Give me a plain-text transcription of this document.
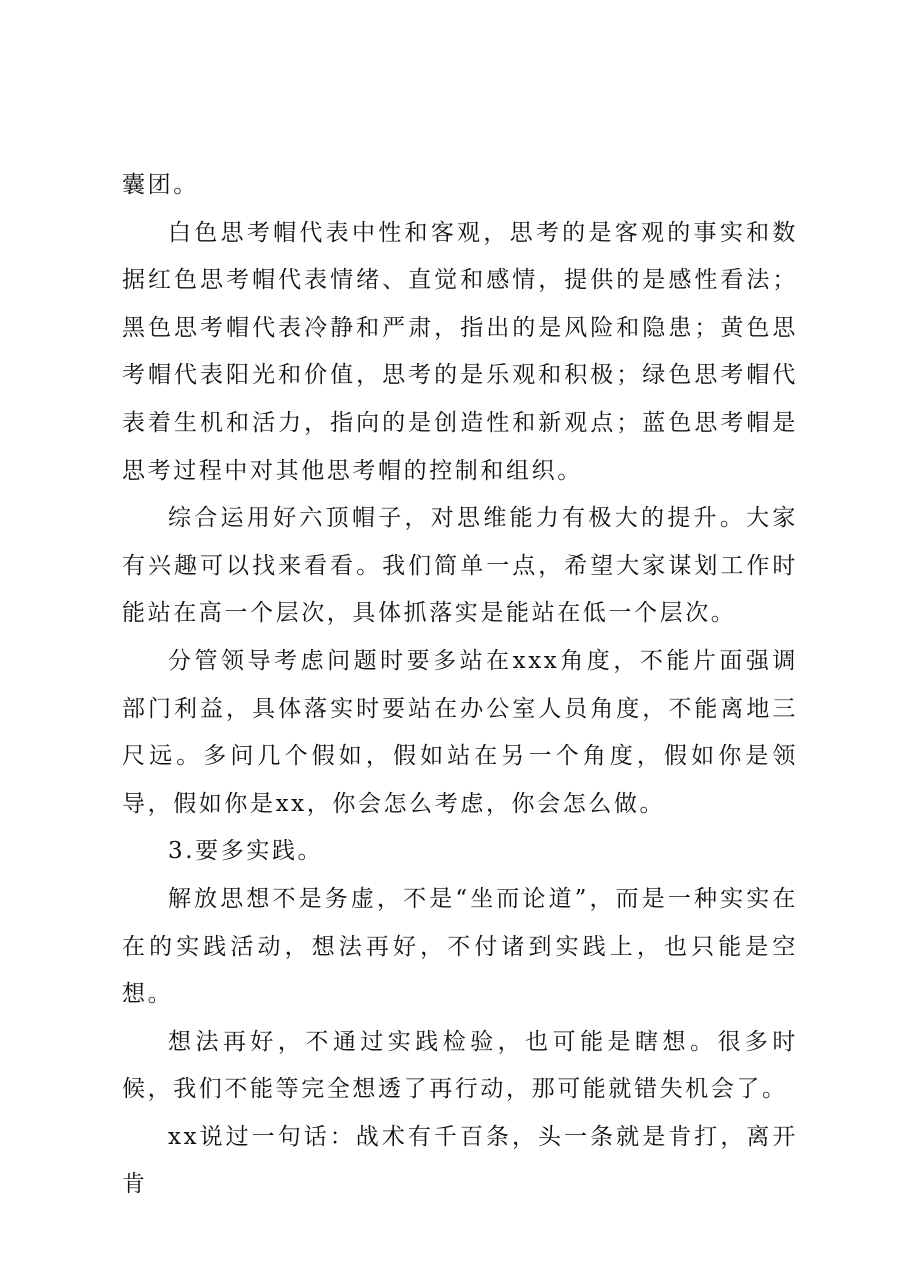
囊团。

白色思考帽代表中性和客观，思考的是客观的事实和数据红色思考帽代表情绪、直觉和感情，提供的是感性看法；黑色思考帽代表冷静和严肃，指出的是风险和隐患；黄色思考帽代表阳光和价值，思考的是乐观和积极；绿色思考帽代表着生机和活力，指向的是创造性和新观点；蓝色思考帽是思考过程中对其他思考帽的控制和组织。

综合运用好六顶帽子，对思维能力有极大的提升。大家有兴趣可以找来看看。我们简单一点，希望大家谋划工作时能站在高一个层次，具体抓落实是能站在低一个层次。

分管领导考虑问题时要多站在xxx角度，不能片面强调部门利益，具体落实时要站在办公室人员角度，不能离地三尺远。多问几个假如，假如站在另一个角度，假如你是领导，假如你是xx，你会怎么考虑，你会怎么做。

3.要多实践。

解放思想不是务虚，不是“坐而论道”，而是一种实实在在的实践活动，想法再好，不付诸到实践上，也只能是空想。

想法再好，不通过实践检验，也可能是瞎想。很多时候，我们不能等完全想透了再行动，那可能就错失机会了。

xx说过一句话：战术有千百条，头一条就是肯打，离开肯
